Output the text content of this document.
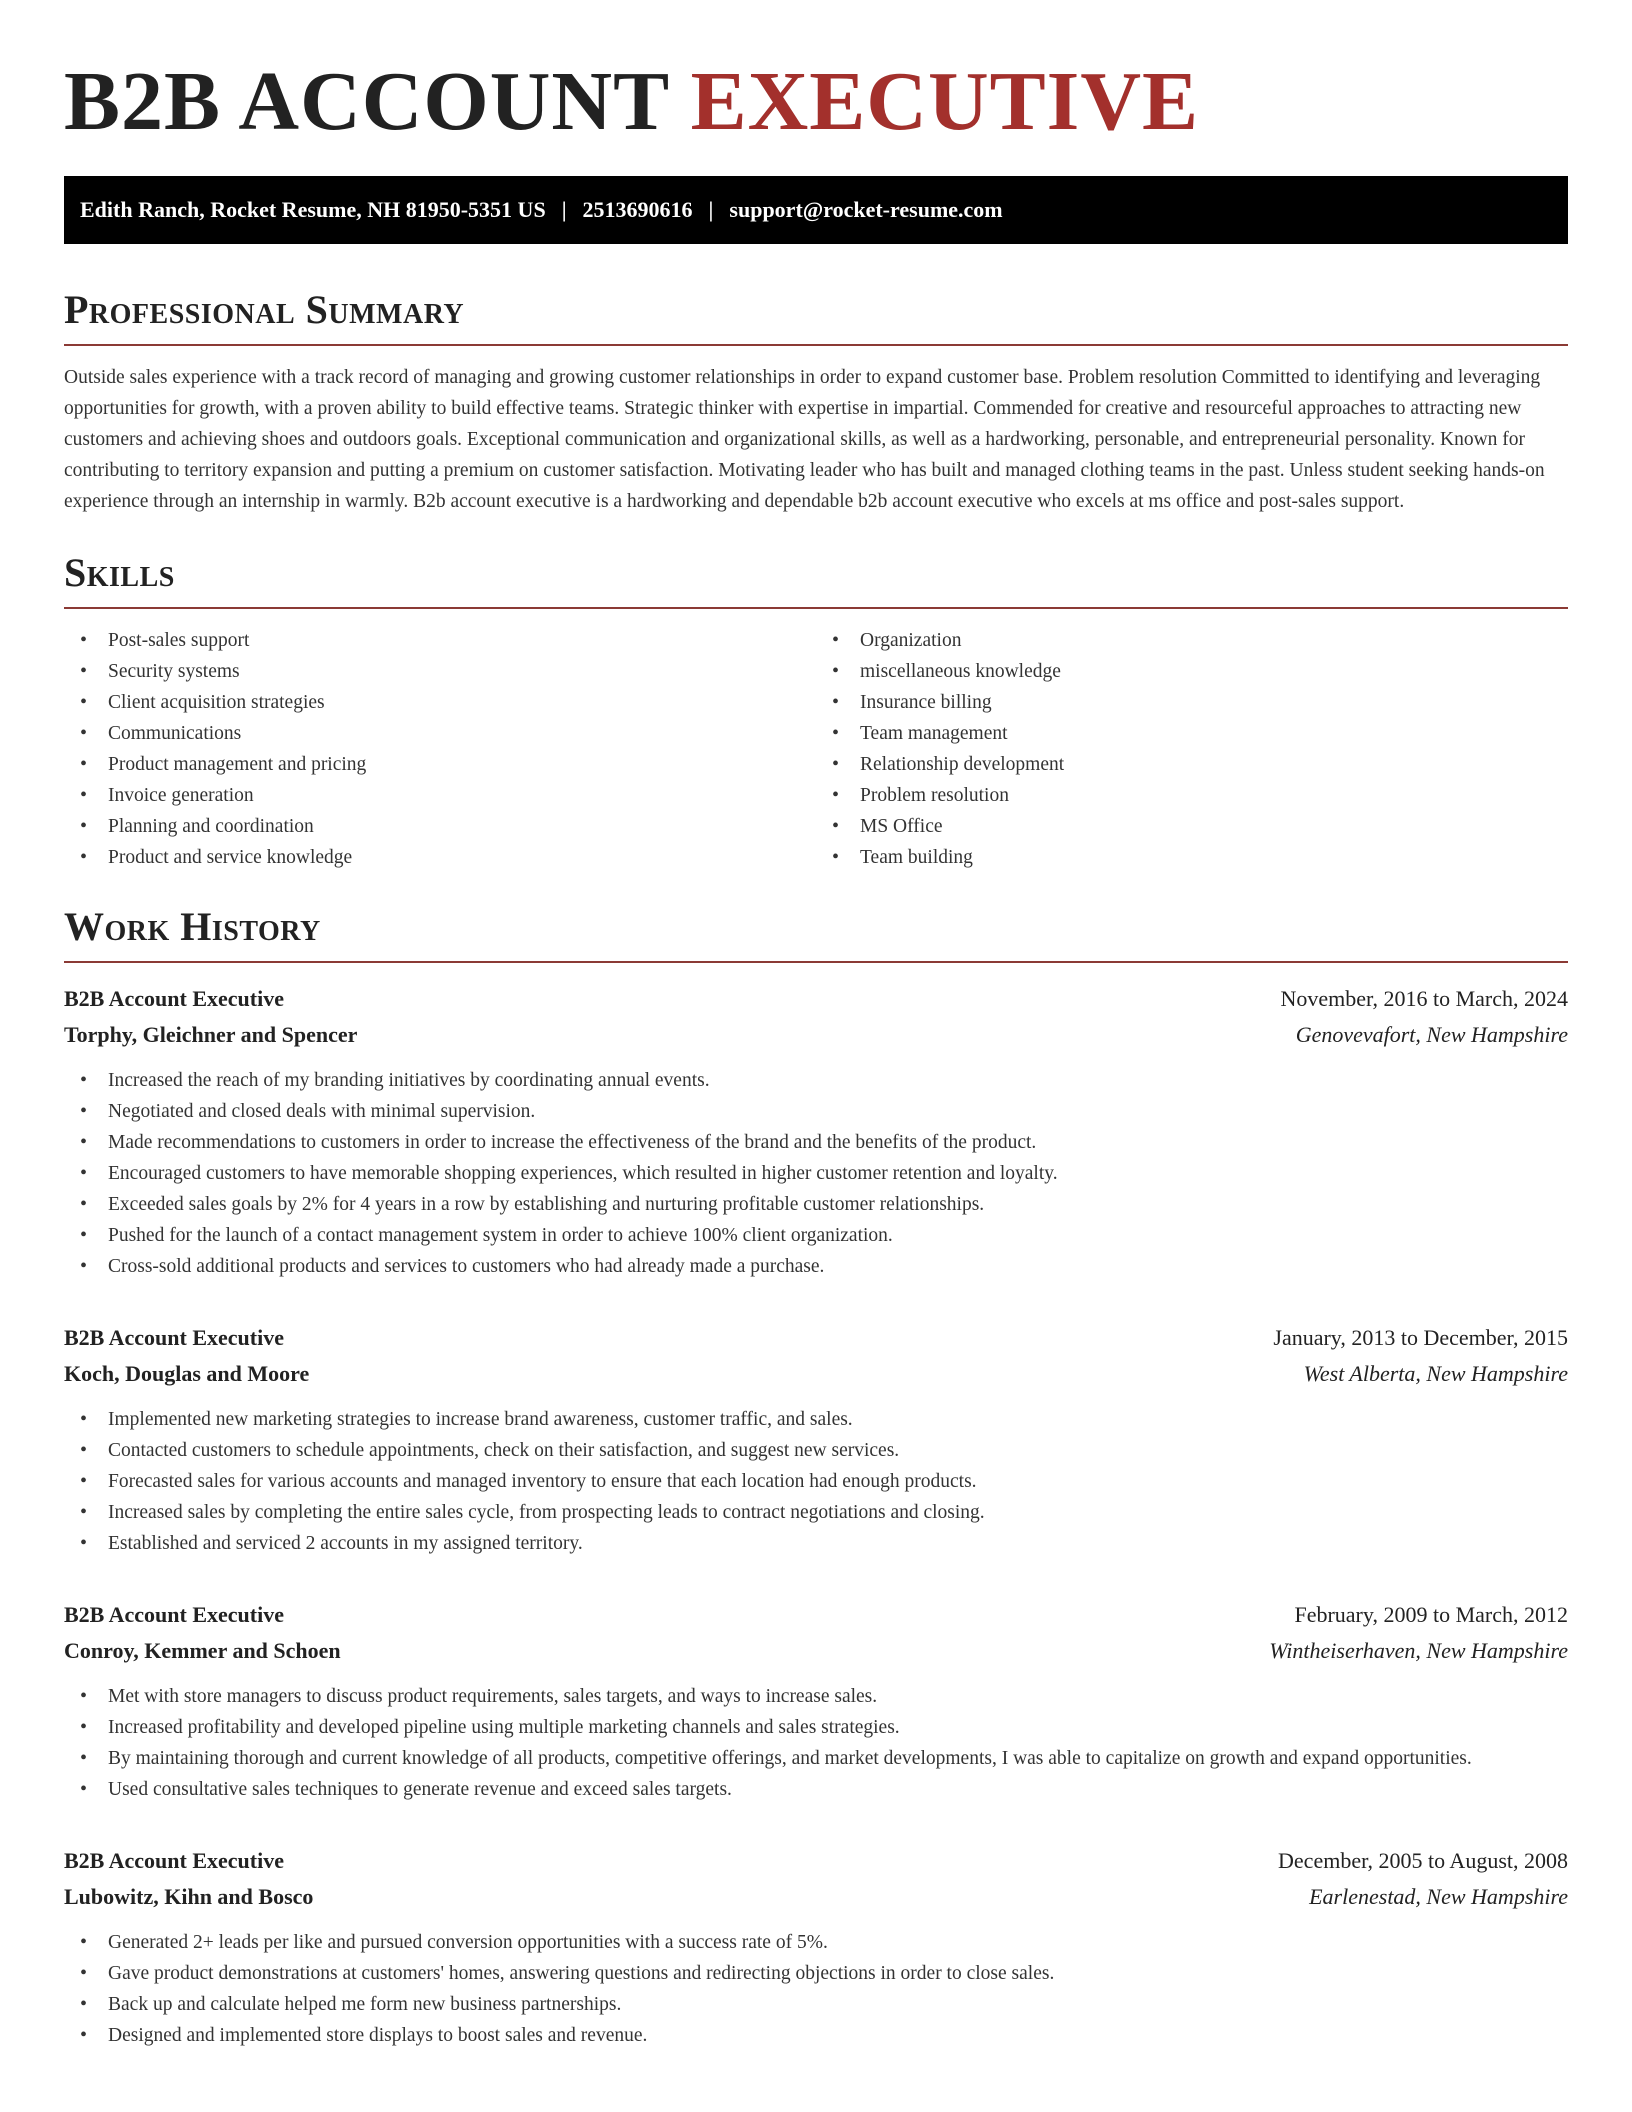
B2B ACCOUNT EXECUTIVE
Edith Ranch, Rocket Resume, NH 81950-5351 US | 2513690616 | support@rocket-resume.com
Professional Summary

Outside sales experience with a track record of managing and growing customer relationships in order to expand customer base. Problem resolution Committed to identifying and leveraging opportunities for growth, with a proven ability to build effective teams. Strategic thinker with expertise in impartial. Commended for creative and resourceful approaches to attracting new customers and achieving shoes and outdoors goals. Exceptional communication and organizational skills, as well as a hardworking, personable, and entrepreneurial personality. Known for contributing to territory expansion and putting a premium on customer satisfaction. Motivating leader who has built and managed clothing teams in the past. Unless student seeking hands-on experience through an internship in warmly. B2b account executive is a hardworking and dependable b2b account executive who excels at ms office and post-sales support.

Skills
• Post-sales support
• Security systems
• Client acquisition strategies
• Communications
• Product management and pricing
• Invoice generation
• Planning and coordination
• Product and service knowledge
• Organization
• miscellaneous knowledge
• Insurance billing
• Team management
• Relationship development
• Problem resolution
• MS Office
• Team building
Work History
B2B Account Executive	November, 2016 to March, 2024
Torphy, Gleichner and Spencer	Genovevafort, New Hampshire
• Increased the reach of my branding initiatives by coordinating annual events.
• Negotiated and closed deals with minimal supervision.
• Made recommendations to customers in order to increase the effectiveness of the brand and the benefits of the product.
• Encouraged customers to have memorable shopping experiences, which resulted in higher customer retention and loyalty.
• Exceeded sales goals by 2% for 4 years in a row by establishing and nurturing profitable customer relationships.
• Pushed for the launch of a contact management system in order to achieve 100% client organization.
• Cross-sold additional products and services to customers who had already made a purchase.
B2B Account Executive	January, 2013 to December, 2015
Koch, Douglas and Moore	West Alberta, New Hampshire
• Implemented new marketing strategies to increase brand awareness, customer traffic, and sales.
• Contacted customers to schedule appointments, check on their satisfaction, and suggest new services.
• Forecasted sales for various accounts and managed inventory to ensure that each location had enough products.
• Increased sales by completing the entire sales cycle, from prospecting leads to contract negotiations and closing.
• Established and serviced 2 accounts in my assigned territory.
B2B Account Executive	February, 2009 to March, 2012
Conroy, Kemmer and Schoen	Wintheiserhaven, New Hampshire
• Met with store managers to discuss product requirements, sales targets, and ways to increase sales.
• Increased profitability and developed pipeline using multiple marketing channels and sales strategies.
• By maintaining thorough and current knowledge of all products, competitive offerings, and market developments, I was able to capitalize on growth and expand opportunities.
• Used consultative sales techniques to generate revenue and exceed sales targets.
B2B Account Executive	December, 2005 to August, 2008
Lubowitz, Kihn and Bosco	Earlenestad, New Hampshire
• Generated 2+ leads per like and pursued conversion opportunities with a success rate of 5%.
• Gave product demonstrations at customers' homes, answering questions and redirecting objections in order to close sales.
• Back up and calculate helped me form new business partnerships.
• Designed and implemented store displays to boost sales and revenue.
